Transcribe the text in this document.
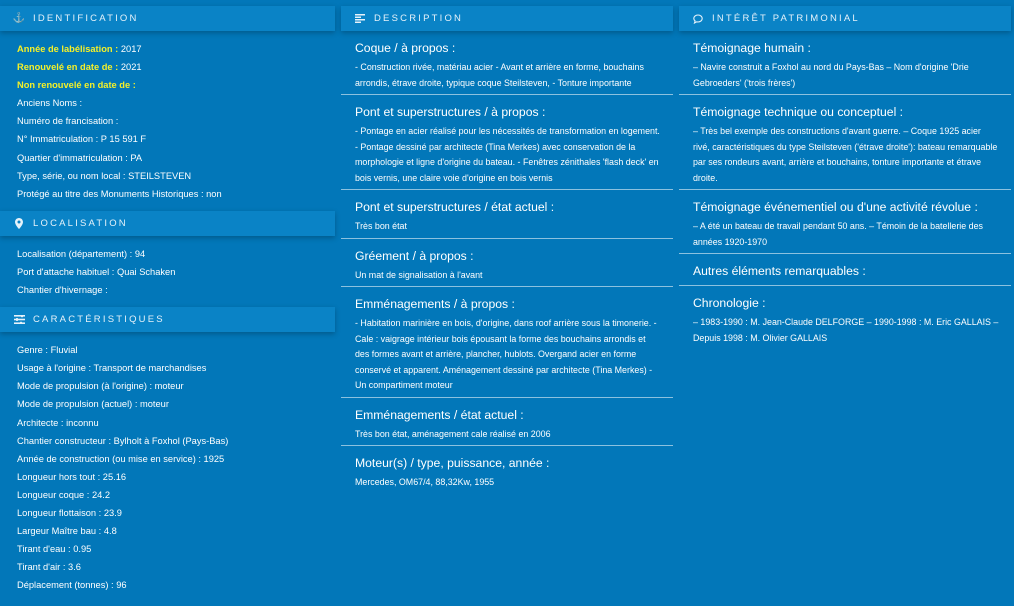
⚓ IDENTIFICATION
Année de labélisation : 2017
Renouvelé en date de : 2021
Non renouvelé en date de :
Anciens Noms :
Numéro de francisation :
N° Immatriculation : P 15 591 F
Quartier d'immatriculation : PA
Type, série, ou nom local : STEILSTEVEN
Protégé au titre des Monuments Historiques : non
LOCALISATION
Localisation (département) : 94
Port d'attache habituel : Quai Schaken
Chantier d'hivernage :
CARACTÉRISTIQUES
Genre : Fluvial
Usage à l'origine : Transport de marchandises
Mode de propulsion (à l'origine) : moteur
Mode de propulsion (actuel) : moteur
Architecte : inconnu
Chantier constructeur : Bylholt à Foxhol (Pays-Bas)
Année de construction (ou mise en service) : 1925
Longueur hors tout : 25.16
Longueur coque : 24.2
Longueur flottaison : 23.9
Largeur Maître bau : 4.8
Tirant d'eau : 0.95
Tirant d'air : 3.6
Déplacement (tonnes) : 96
DESCRIPTION
Coque / à propos :
- Construction rivée, matériau acier - Avant et arrière en forme, bouchains arrondis, étrave droite, typique coque Steilsteven, - Tonture importante
Pont et superstructures / à propos :
- Pontage en acier réalisé pour les nécessités de transformation en logement. - Pontage dessiné par architecte (Tina Merkes) avec conservation de la morphologie et ligne d'origine du bateau. - Fenêtres zénithales 'flash deck' en bois vernis, une claire voie d'origine en bois vernis
Pont et superstructures / état actuel :
Très bon état
Gréement / à propos :
Un mat de signalisation à l'avant
Emménagements / à propos :
- Habitation marinière en bois, d'origine, dans roof arrière sous la timonerie. - Cale : vaigrage intérieur bois épousant la forme des bouchains arrondis et des formes avant et arrière, plancher, hublots. Overgand acier en forme conservé et apparent. Aménagement dessiné par architecte (Tina Merkes) - Un compartiment moteur
Emménagements / état actuel :
Très bon état, aménagement cale réalisé en 2006
Moteur(s) / type, puissance, année :
Mercedes, OM67/4, 88,32Kw, 1955
INTÉRÊT PATRIMONIAL
Témoignage humain :
– Navire construit a Foxhol au nord du Pays-Bas – Nom d'origine 'Drie Gebroeders' ('trois frères')
Témoignage technique ou conceptuel :
– Très bel exemple des constructions d'avant guerre. – Coque 1925 acier rivé, caractéristiques du type Steilsteven ('étrave droite'): bateau remarquable par ses rondeurs avant, arrière et bouchains, tonture importante et étrave droite.
Témoignage événementiel ou d'une activité révolue :
– A été un bateau de travail pendant 50 ans. – Témoin de la batellerie des années 1920-1970
Autres éléments remarquables :
Chronologie :
– 1983-1990 : M. Jean-Claude DELFORGE – 1990-1998 : M. Eric GALLAIS – Depuis 1998 : M. Olivier GALLAIS
